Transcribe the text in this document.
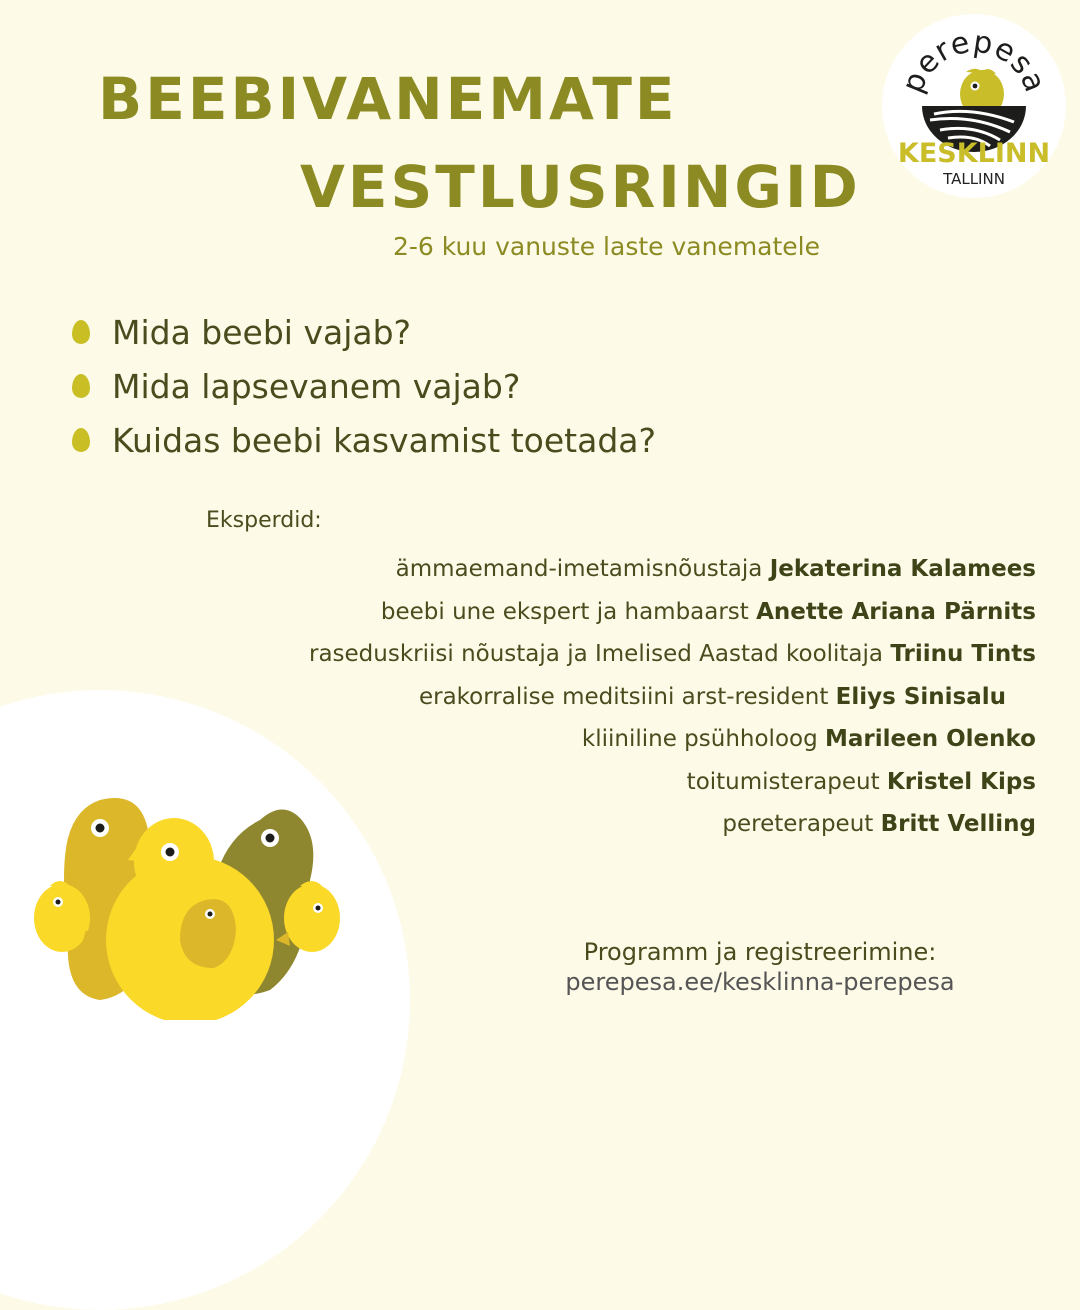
perepesa
KESKLINN
TALLINN
BEEBIVANEMATE
VESTLUSRINGID
2-6 kuu vanuste laste vanematele
Mida beebi vajab?
Mida lapsevanem vajab?
Kuidas beebi kasvamist toetada?
Eksperdid:
ämmaemand-imetamisnõustaja Jekaterina Kalamees
beebi une ekspert ja hambaarst Anette Ariana Pärnits
raseduskriisi nõustaja ja Imelised Aastad koolitaja Triinu Tints
erakorralise meditsiini arst-resident Eliys Sinisalu
kliiniline psühholoog Marileen Olenko
toitumisterapeut Kristel Kips
pereterapeut Britt Velling
Programm ja registreerimine:
perepesa.ee/kesklinna-perepesa
